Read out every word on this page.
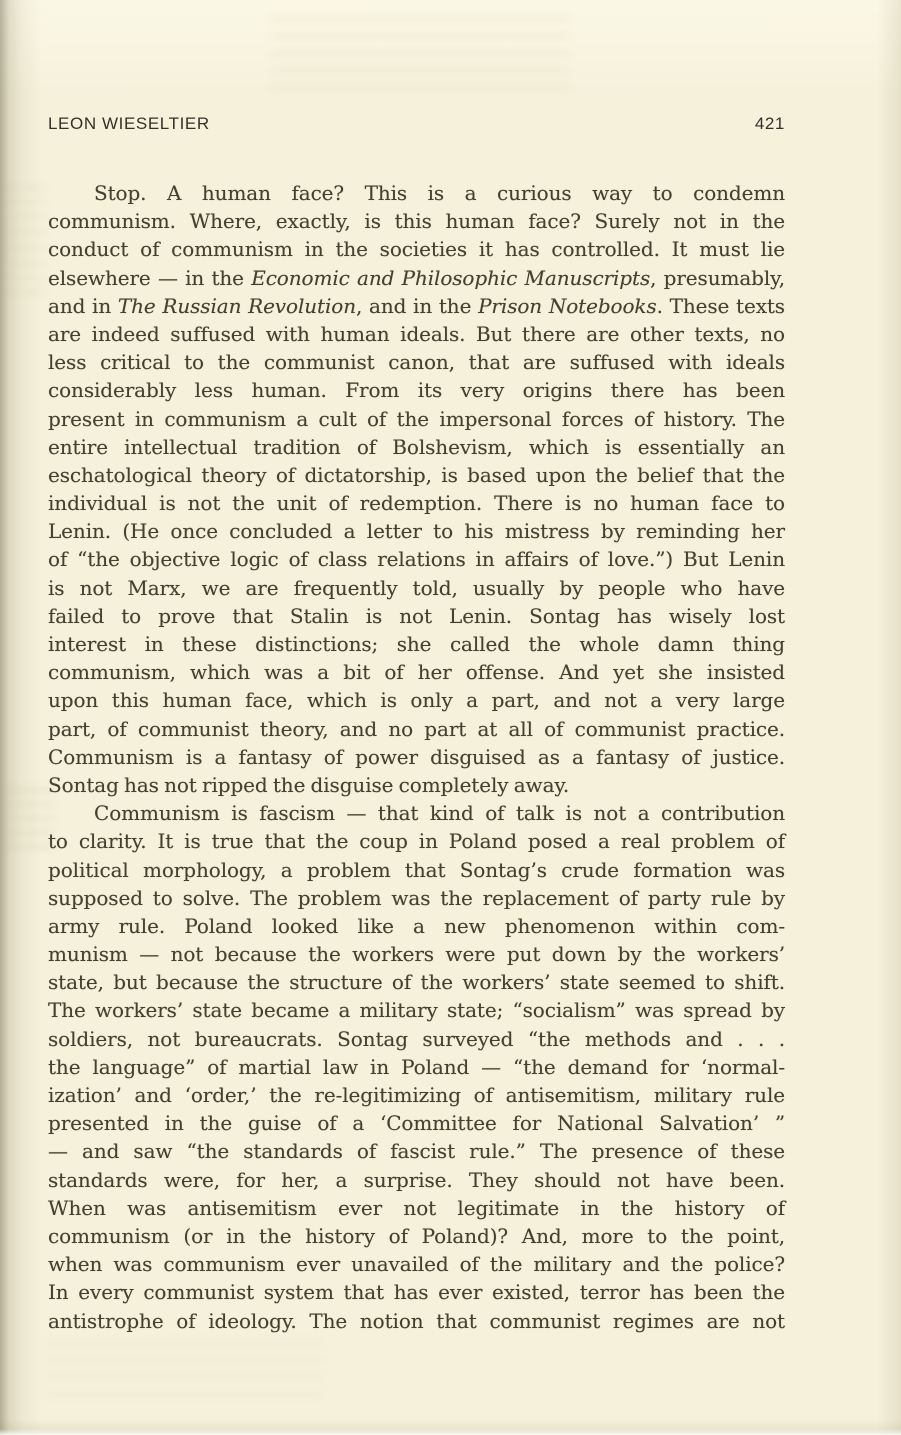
LEON WIESELTIER	421
Stop. A human face? This is a curious way to condemn
communism. Where, exactly, is this human face? Surely not in the
conduct of communism in the societies it has controlled. It must lie
elsewhere — in the Economic and Philosophic Manuscripts, presumably,
and in The Russian Revolution, and in the Prison Notebooks. These texts
are indeed suffused with human ideals. But there are other texts, no
less critical to the communist canon, that are suffused with ideals
considerably less human. From its very origins there has been
present in communism a cult of the impersonal forces of history. The
entire intellectual tradition of Bolshevism, which is essentially an
eschatological theory of dictatorship, is based upon the belief that the
individual is not the unit of redemption. There is no human face to
Lenin. (He once concluded a letter to his mistress by reminding her
of “the objective logic of class relations in affairs of love.”) But Lenin
is not Marx, we are frequently told, usually by people who have
failed to prove that Stalin is not Lenin. Sontag has wisely lost
interest in these distinctions; she called the whole damn thing
communism, which was a bit of her offense. And yet she insisted
upon this human face, which is only a part, and not a very large
part, of communist theory, and no part at all of communist practice.
Communism is a fantasy of power disguised as a fantasy of justice.
Sontag has not ripped the disguise completely away.
Communism is fascism — that kind of talk is not a contribution
to clarity. It is true that the coup in Poland posed a real problem of
political morphology, a problem that Sontag’s crude formation was
supposed to solve. The problem was the replacement of party rule by
army rule. Poland looked like a new phenomenon within com-
munism — not because the workers were put down by the workers’
state, but because the structure of the workers’ state seemed to shift.
The workers’ state became a military state; “socialism” was spread by
soldiers, not bureaucrats. Sontag surveyed “the methods and . . .
the language” of martial law in Poland — “the demand for ‘normal-
ization’ and ‘order,’ the re-legitimizing of antisemitism, military rule
presented in the guise of a ‘Committee for National Salvation’ ”
— and saw “the standards of fascist rule.” The presence of these
standards were, for her, a surprise. They should not have been.
When was antisemitism ever not legitimate in the history of
communism (or in the history of Poland)? And, more to the point,
when was communism ever unavailed of the military and the police?
In every communist system that has ever existed, terror has been the
antistrophe of ideology. The notion that communist regimes are not
